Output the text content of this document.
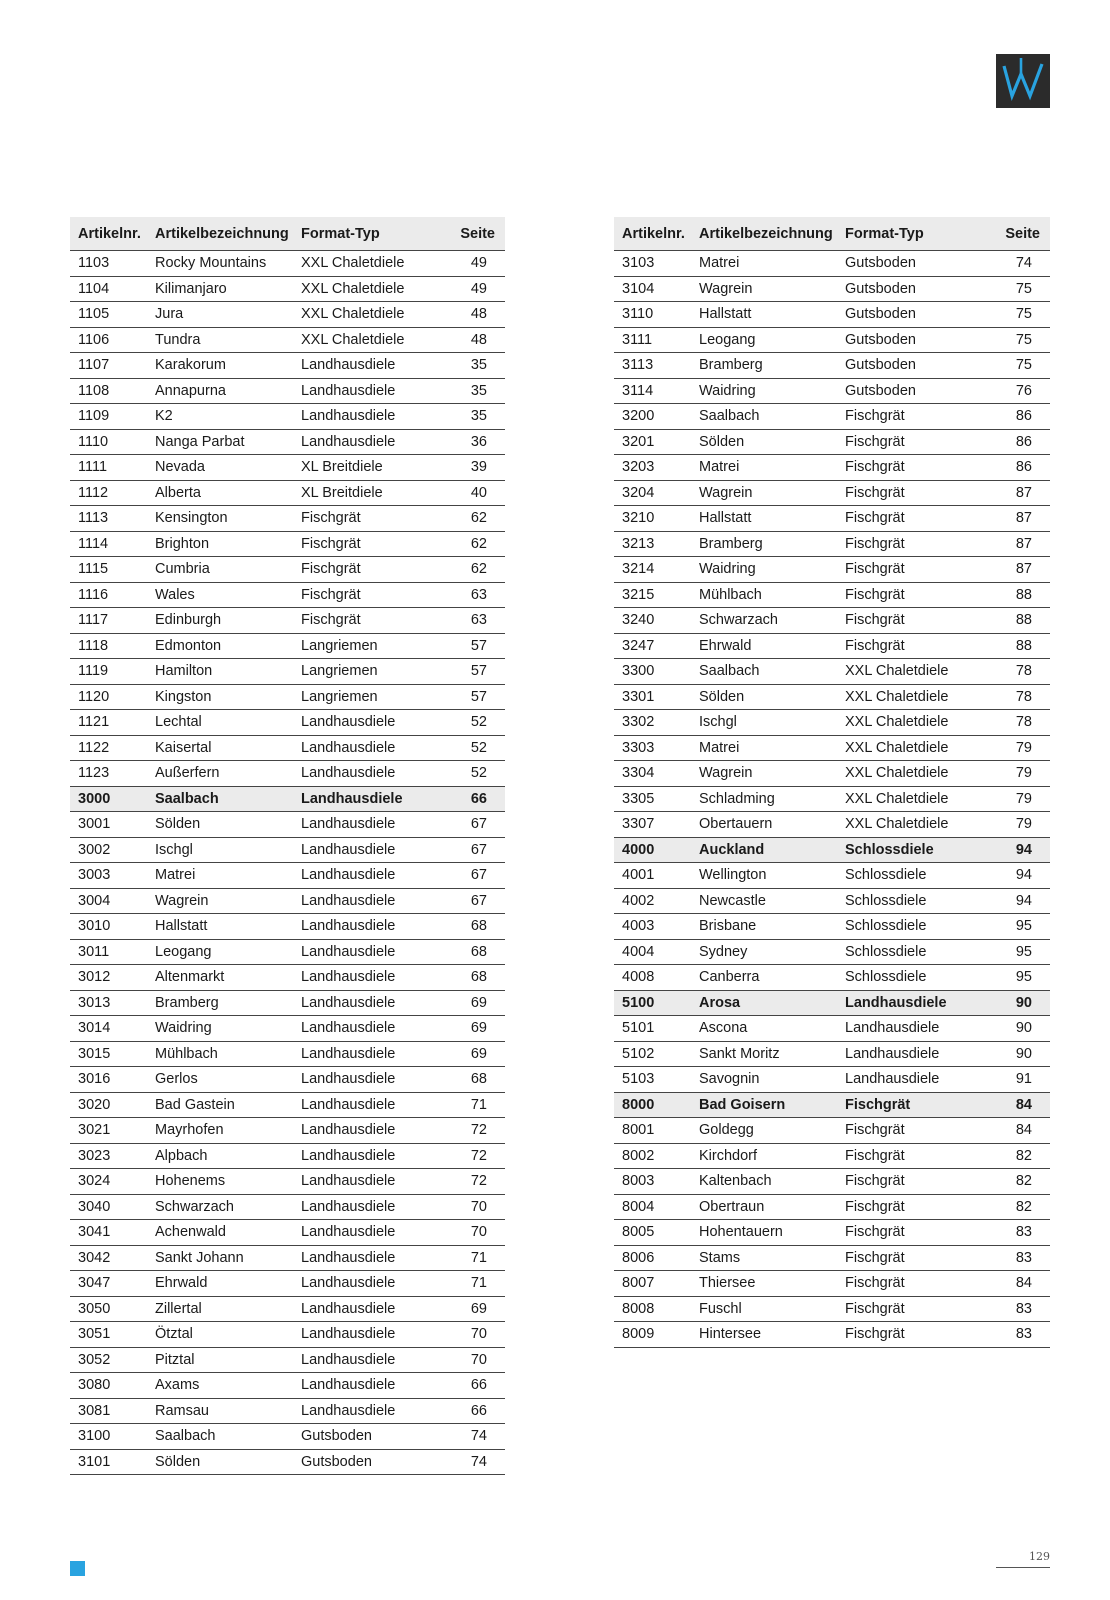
Artikelnr.	Artikelbezeichnung	Format-Typ	Seite
1103	Rocky Mountains	XXL Chaletdiele	49
1104	Kilimanjaro	XXL Chaletdiele	49
1105	Jura	XXL Chaletdiele	48
1106	Tundra	XXL Chaletdiele	48
1107	Karakorum	Landhausdiele	35
1108	Annapurna	Landhausdiele	35
1109	K2	Landhausdiele	35
1110	Nanga Parbat	Landhausdiele	36
1111	Nevada	XL Breitdiele	39
1112	Alberta	XL Breitdiele	40
1113	Kensington	Fischgrät	62
1114	Brighton	Fischgrät	62
1115	Cumbria	Fischgrät	62
1116	Wales	Fischgrät	63
1117	Edinburgh	Fischgrät	63
1118	Edmonton	Langriemen	57
1119	Hamilton	Langriemen	57
1120	Kingston	Langriemen	57
1121	Lechtal	Landhausdiele	52
1122	Kaisertal	Landhausdiele	52
1123	Außerfern	Landhausdiele	52
3000	Saalbach	Landhausdiele	66
3001	Sölden	Landhausdiele	67
3002	Ischgl	Landhausdiele	67
3003	Matrei	Landhausdiele	67
3004	Wagrein	Landhausdiele	67
3010	Hallstatt	Landhausdiele	68
3011	Leogang	Landhausdiele	68
3012	Altenmarkt	Landhausdiele	68
3013	Bramberg	Landhausdiele	69
3014	Waidring	Landhausdiele	69
3015	Mühlbach	Landhausdiele	69
3016	Gerlos	Landhausdiele	68
3020	Bad Gastein	Landhausdiele	71
3021	Mayrhofen	Landhausdiele	72
3023	Alpbach	Landhausdiele	72
3024	Hohenems	Landhausdiele	72
3040	Schwarzach	Landhausdiele	70
3041	Achenwald	Landhausdiele	70
3042	Sankt Johann	Landhausdiele	71
3047	Ehrwald	Landhausdiele	71
3050	Zillertal	Landhausdiele	69
3051	Ötztal	Landhausdiele	70
3052	Pitztal	Landhausdiele	70
3080	Axams	Landhausdiele	66
3081	Ramsau	Landhausdiele	66
3100	Saalbach	Gutsboden	74
3101	Sölden	Gutsboden	74
Artikelnr.	Artikelbezeichnung	Format-Typ	Seite
3103	Matrei	Gutsboden	74
3104	Wagrein	Gutsboden	75
3110	Hallstatt	Gutsboden	75
3111	Leogang	Gutsboden	75
3113	Bramberg	Gutsboden	75
3114	Waidring	Gutsboden	76
3200	Saalbach	Fischgrät	86
3201	Sölden	Fischgrät	86
3203	Matrei	Fischgrät	86
3204	Wagrein	Fischgrät	87
3210	Hallstatt	Fischgrät	87
3213	Bramberg	Fischgrät	87
3214	Waidring	Fischgrät	87
3215	Mühlbach	Fischgrät	88
3240	Schwarzach	Fischgrät	88
3247	Ehrwald	Fischgrät	88
3300	Saalbach	XXL Chaletdiele	78
3301	Sölden	XXL Chaletdiele	78
3302	Ischgl	XXL Chaletdiele	78
3303	Matrei	XXL Chaletdiele	79
3304	Wagrein	XXL Chaletdiele	79
3305	Schladming	XXL Chaletdiele	79
3307	Obertauern	XXL Chaletdiele	79
4000	Auckland	Schlossdiele	94
4001	Wellington	Schlossdiele	94
4002	Newcastle	Schlossdiele	94
4003	Brisbane	Schlossdiele	95
4004	Sydney	Schlossdiele	95
4008	Canberra	Schlossdiele	95
5100	Arosa	Landhausdiele	90
5101	Ascona	Landhausdiele	90
5102	Sankt Moritz	Landhausdiele	90
5103	Savognin	Landhausdiele	91
8000	Bad Goisern	Fischgrät	84
8001	Goldegg	Fischgrät	84
8002	Kirchdorf	Fischgrät	82
8003	Kaltenbach	Fischgrät	82
8004	Obertraun	Fischgrät	82
8005	Hohentauern	Fischgrät	83
8006	Stams	Fischgrät	83
8007	Thiersee	Fischgrät	84
8008	Fuschl	Fischgrät	83
8009	Hintersee	Fischgrät	83
129
